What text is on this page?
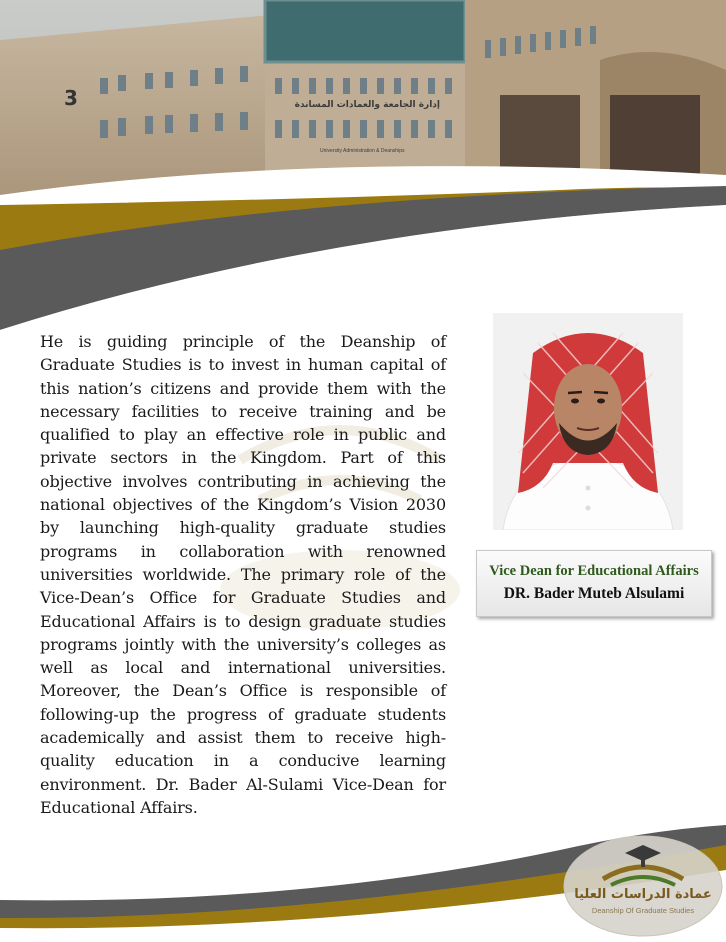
3	إدارة الجامعة والعمادات المساندة
University Administration & Deanships

He is guiding principle of the Deanship of Graduate Studies is to invest in human capital of this nation’s citizens and provide them with the necessary facilities to receive training and be qualified to play an effective role in public and private sectors in the Kingdom. Part of this objective involves contributing in achieving the national objectives of the Kingdom’s Vision 2030 by launching high-quality graduate studies programs in collaboration with renowned universities worldwide. The primary role of the Vice-Dean’s Office for Graduate Studies and Educational Affairs is to design graduate studies programs jointly with the university’s colleges as well as local and international universities. Moreover, the Dean’s Office is responsible of following-up the progress of graduate students academically and assist them to receive high-quality education in a conducive learning environment. Dr. Bader Al-Sulami Vice-Dean for Educational Affairs.

Vice Dean for Educational Affairs
DR. Bader Muteb Alsulami
عمادة الدراسات العليا
Deanship Of Graduate Studies
